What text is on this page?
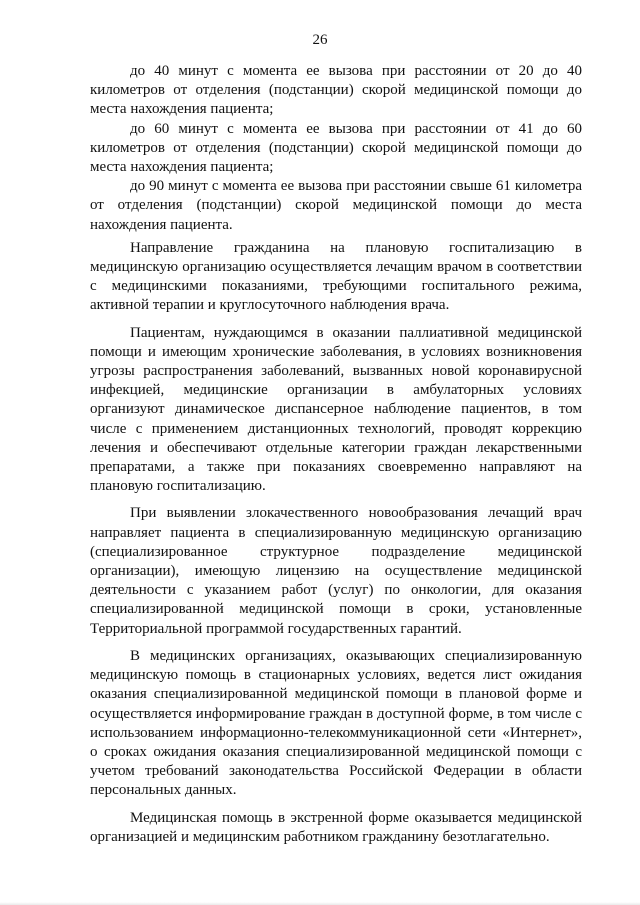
26

до 40 минут с момента ее вызова при расстоянии от 20 до 40 километров от отделения (подстанции) скорой медицинской помощи до места нахождения пациента;

до 60 минут с момента ее вызова при расстоянии от 41 до 60 километров от отделения (подстанции) скорой медицинской помощи до места нахождения пациента;

до 90 минут с момента ее вызова при расстоянии свыше 61 километра от отделения (подстанции) скорой медицинской помощи до места нахождения пациента.

Направление гражданина на плановую госпитализацию в медицинскую организацию осуществляется лечащим врачом в соответствии с медицинскими показаниями, требующими госпитального режима, активной терапии и круглосуточного наблюдения врача.

Пациентам, нуждающимся в оказании паллиативной медицинской помощи и имеющим хронические заболевания, в условиях возникновения угрозы распространения заболеваний, вызванных новой коронавирусной инфекцией, медицинские организации в амбулаторных условиях организуют динамическое диспансерное наблюдение пациентов, в том числе с применением дистанционных технологий, проводят коррекцию лечения и обеспечивают отдельные категории граждан лекарственными препаратами, а также при показаниях своевременно направляют на плановую госпитализацию.

При выявлении злокачественного новообразования лечащий врач направляет пациента в специализированную медицинскую организацию (специализированное структурное подразделение медицинской организации), имеющую лицензию на осуществление медицинской деятельности с указанием работ (услуг) по онкологии, для оказания специализированной медицинской помощи в сроки, установленные Территориальной программой государственных гарантий.

В медицинских организациях, оказывающих специализированную медицинскую помощь в стационарных условиях, ведется лист ожидания оказания специализированной медицинской помощи в плановой форме и осуществляется информирование граждан в доступной форме, в том числе с использованием информационно-телекоммуникационной сети «Интернет», о сроках ожидания оказания специализированной медицинской помощи с учетом требований законодательства Российской Федерации в области персональных данных.

Медицинская помощь в экстренной форме оказывается медицинской организацией и медицинским работником гражданину безотлагательно.
